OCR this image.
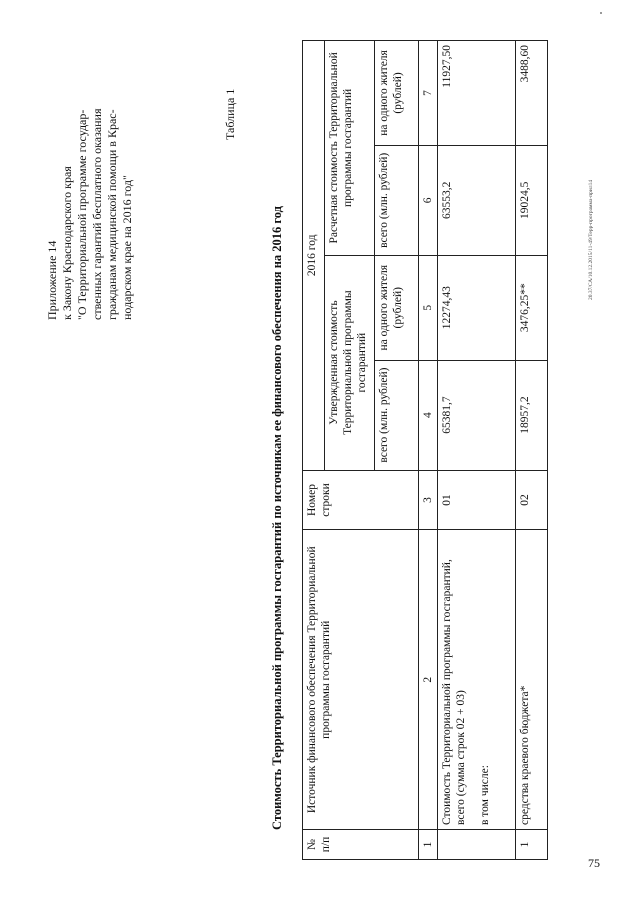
Приложение 14 к Закону Краснодарского края "О Территориальной программе государ- ственных гарантий бесплатного оказания гражданам медицинской помощи в Крас- нодарском крае на 2016 год"
Таблица 1
Стоимость Территориальной программы госгарантий по источникам ее финансового обеспечения на 2016 год
№ п/п	Источник финансового обеспечения Территориальной программы госгарантий	Номер строки	2016 год			
			Утвержденная стоимость Территориальной программы госгарантий		Расчетная стоимость Территориальной программы госгарантий	
			всего (млн. рублей)	на одного жителя (рублей)	всего (млн. рублей)	на одного жителя (рублей)
1	2	3	4	5	6	7

	Стоимость Территориальной программы госгарантий, всего (сумма строк 02 + 03) в том числе:	01	65381,7	12274,43	63553,2	11927,50
1	средства краевого бюджета*	02	18957,2	3476,25**	19024,5	3488,60
20.37/СА/10.12.2015/11-49/Терр-программа-прил14
75
